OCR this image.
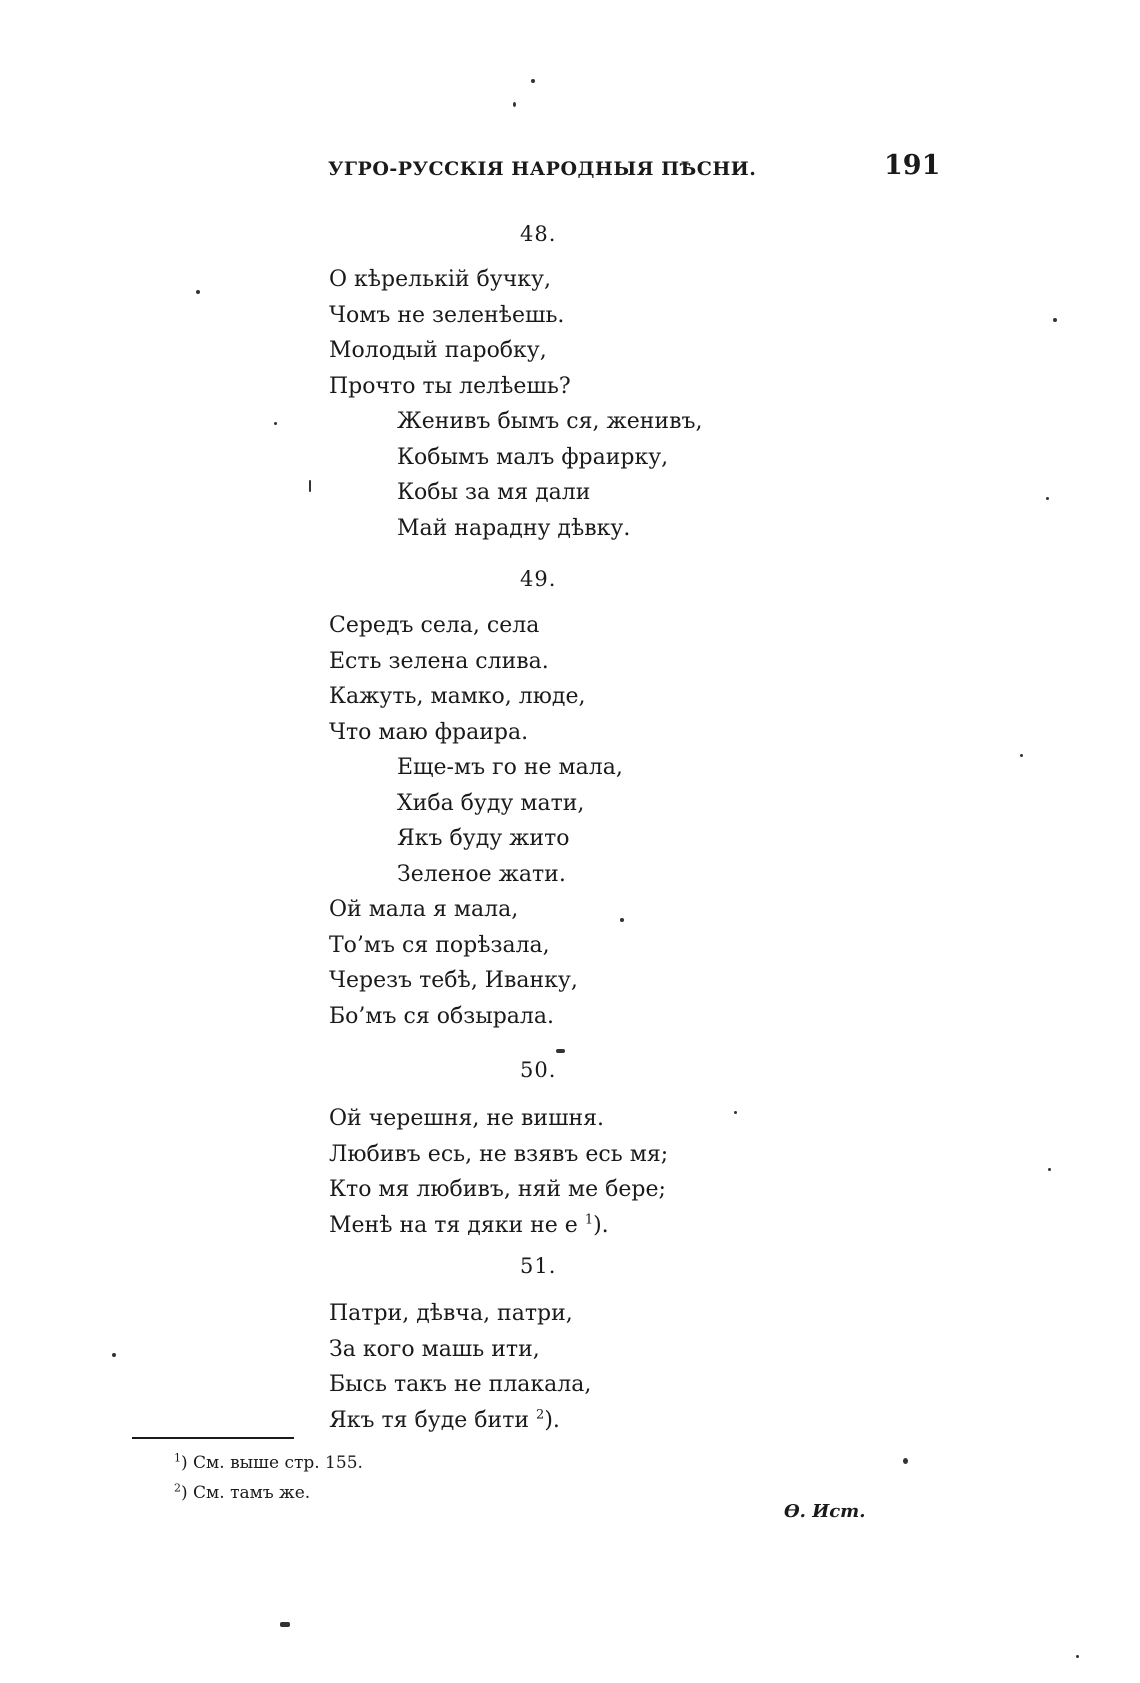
УГРО-РУССКІЯ НАРОДНЫЯ ПѢСНИ.	191
48.
О кѣрелькій бучку,
Чомъ не зеленѣешь.
Молодый паробку,
Прочто ты лелѣешь?
Женивъ бымъ ся, женивъ,
Кобымъ малъ фраирку,
Кобы за мя дали
Май нарадну дѣвку.
49.
Середъ села, села
Есть зелена слива.
Кажуть, мамко, люде,
Что маю фраира.
Еще-мъ го не мала,
Хиба буду мати,
Якъ буду жито
Зеленое жати.
Ой мала я мала,
То’мъ ся порѣзала,
Черезъ тебѣ, Иванку,
Бо’мъ ся обзырала.
50.
Ой черешня, не вишня.
Любивъ есь, не взявъ есь мя;
Кто мя любивъ, няй ме бере;
Менѣ на тя дяки не е $^1$).
51.
Патри, дѣвча, патри,
За кого машь ити,
Бысь такъ не плакала,
Якъ тя буде бити $^2$).
$^1$) См. выше стр. 155.
$^2$) См. тамъ же.
Ѳ. Ист.
